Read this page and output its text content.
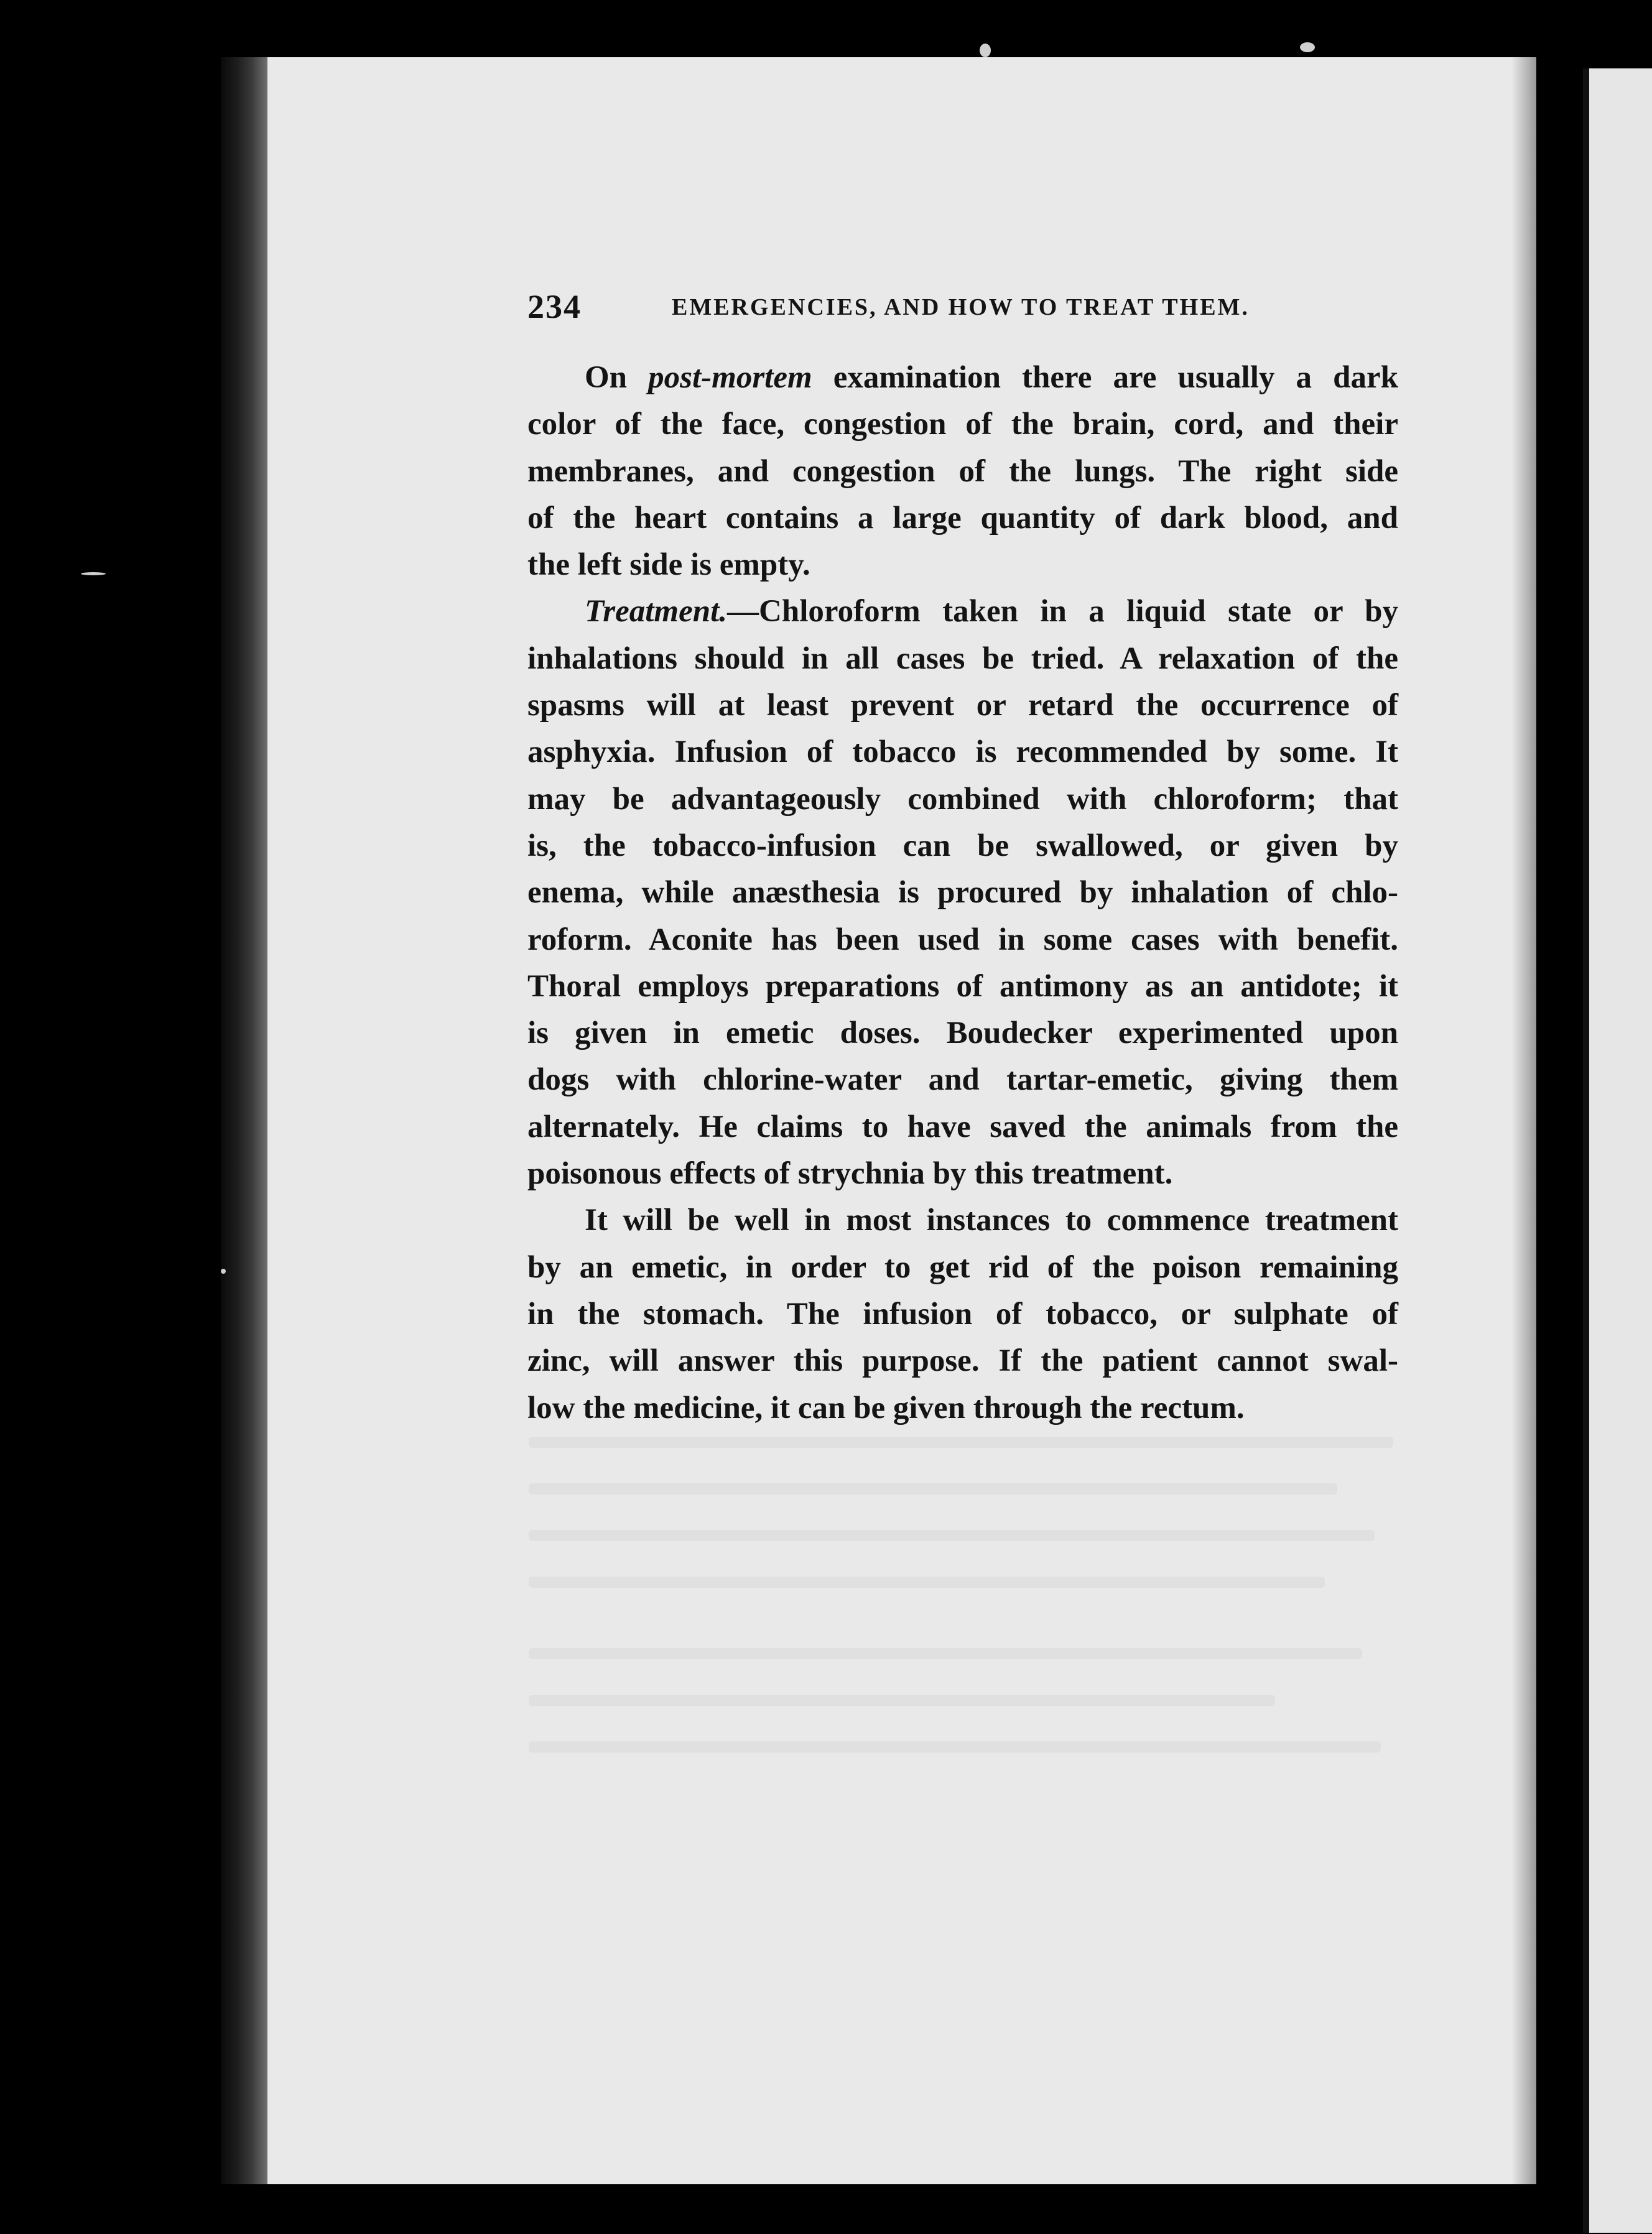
234	EMERGENCIES, AND HOW TO TREAT THEM.
On post-mortem examination there are usually a dark
color of the face, congestion of the brain, cord, and their
membranes, and congestion of the lungs. The right side
of the heart contains a large quantity of dark blood, and
the left side is empty.
Treatment.—Chloroform taken in a liquid state or by
inhalations should in all cases be tried. A relaxation of the
spasms will at least prevent or retard the occurrence of
asphyxia. Infusion of tobacco is recommended by some. It
may be advantageously combined with chloroform; that
is, the tobacco-infusion can be swallowed, or given by
enema, while anæsthesia is procured by inhalation of chlo-
roform. Aconite has been used in some cases with benefit.
Thoral employs preparations of antimony as an antidote; it
is given in emetic doses. Boudecker experimented upon
dogs with chlorine-water and tartar-emetic, giving them
alternately. He claims to have saved the animals from the
poisonous effects of strychnia by this treatment.
It will be well in most instances to commence treatment
by an emetic, in order to get rid of the poison remaining
in the stomach. The infusion of tobacco, or sulphate of
zinc, will answer this purpose. If the patient cannot swal-
low the medicine, it can be given through the rectum.
